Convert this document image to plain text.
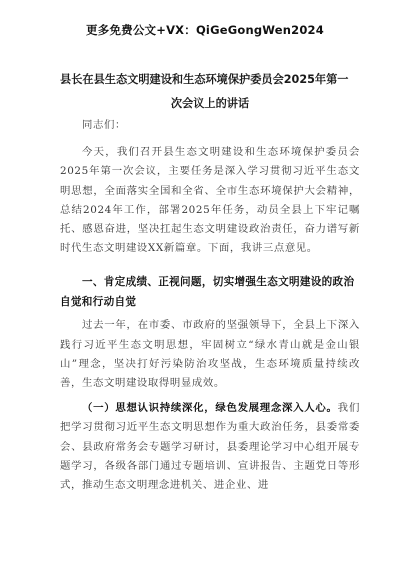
更多免费公文+VX：QiGeGongWen2024
县长在县生态文明建设和生态环境保护委员会2025年第一
次会议上的讲话

同志们：

今天，我们召开县生态文明建设和生态环境保护委员会2025年第一次会议，主要任务是深入学习贯彻习近平生态文明思想，全面落实全国和全省、全市生态环境保护大会精神，总结2024年工作，部署2025年任务，动员全县上下牢记嘱托、感恩奋进，坚决扛起生态文明建设政治责任，奋力谱写新时代生态文明建设XX新篇章。下面，我讲三点意见。

一、肯定成绩、正视问题，切实增强生态文明建设的政治自觉和行动自觉

过去一年，在市委、市政府的坚强领导下，全县上下深入践行习近平生态文明思想，牢固树立“绿水青山就是金山银山”理念，坚决打好污染防治攻坚战，生态环境质量持续改善，生态文明建设取得明显成效。

（一）思想认识持续深化，绿色发展理念深入人心。我们把学习贯彻习近平生态文明思想作为重大政治任务，县委常委会、县政府常务会专题学习研讨，县委理论学习中心组开展专题学习，各级各部门通过专题培训、宣讲报告、主题党日等形式，推动生态文明理念进机关、进企业、进
